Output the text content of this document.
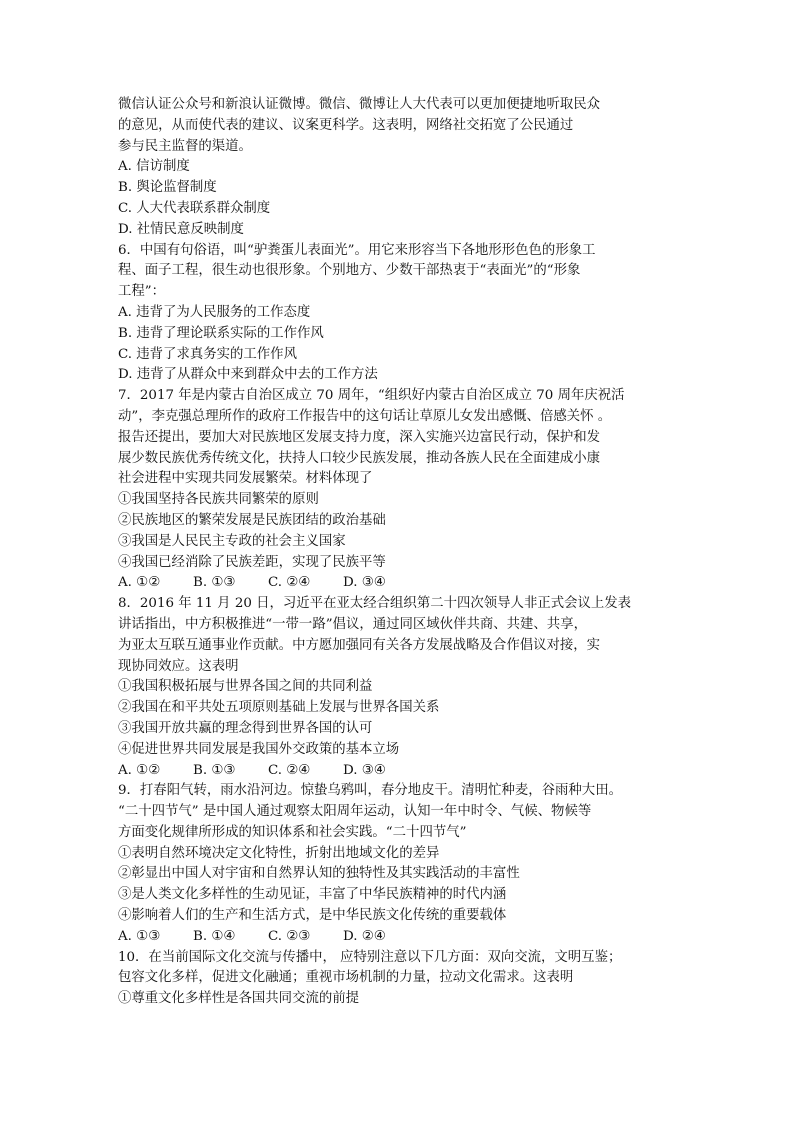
微信认证公众号和新浪认证微博。微信、微博让人大代表可以更加便捷地听取民众
的意见，从而使代表的建议、议案更科学。这表明，网络社交拓宽了公民通过
参与民主监督的渠道。
A. 信访制度
B. 舆论监督制度
C. 人大代表联系群众制度
D. 社情民意反映制度
6．中国有句俗语，叫“驴粪蛋儿表面光”。用它来形容当下各地形形色色的形象工
程、面子工程，很生动也很形象。个别地方、少数干部热衷于“表面光”的“形象
工程”：
A. 违背了为人民服务的工作态度
B. 违背了理论联系实际的工作作风
C. 违背了求真务实的工作作风
D. 违背了从群众中来到群众中去的工作方法
7．2017 年是内蒙古自治区成立 70 周年，“组织好内蒙古自治区成立 70 周年庆祝活
动”，李克强总理所作的政府工作报告中的这句话让草原儿女发出感慨、倍感关怀 。
报告还提出，要加大对民族地区发展支持力度，深入实施兴边富民行动，保护和发
展少数民族优秀传统文化，扶持人口较少民族发展，推动各族人民在全面建成小康
社会进程中实现共同发展繁荣。材料体现了
①我国坚持各民族共同繁荣的原则
②民族地区的繁荣发展是民族团结的政治基础
③我国是人民民主专政的社会主义国家
④我国已经消除了民族差距，实现了民族平等
A. ①② B. ①③ C. ②④ D. ③④
8．2016 年 11 月 20 日，习近平在亚太经合组织第二十四次领导人非正式会议上发表
讲话指出，中方积极推进“一带一路”倡议，通过同区域伙伴共商、共建、共享，
为亚太互联互通事业作贡献。中方愿加强同有关各方发展战略及合作倡议对接，实
现协同效应。这表明
①我国积极拓展与世界各国之间的共同利益
②我国在和平共处五项原则基础上发展与世界各国关系
③我国开放共赢的理念得到世界各国的认可
④促进世界共同发展是我国外交政策的基本立场
A. ①② B. ①③ C. ②④ D. ③④
9．打春阳气转，雨水沿河边。惊蛰乌鸦叫，春分地皮干。清明忙种麦，谷雨种大田。
“二十四节气” 是中国人通过观察太阳周年运动，认知一年中时令、气候、物候等
方面变化规律所形成的知识体系和社会实践。“二十四节气”
①表明自然环境决定文化特性，折射出地域文化的差异
②彰显出中国人对宇宙和自然界认知的独特性及其实践活动的丰富性
③是人类文化多样性的生动见证，丰富了中华民族精神的时代内涵
④影响着人们的生产和生活方式，是中华民族文化传统的重要载体
A. ①③ B. ①④ C. ②③ D. ②④
10．在当前国际文化交流与传播中， 应特别注意以下几方面：双向交流，文明互鉴；
包容文化多样，促进文化融通；重视市场机制的力量，拉动文化需求。这表明
①尊重文化多样性是各国共同交流的前提
